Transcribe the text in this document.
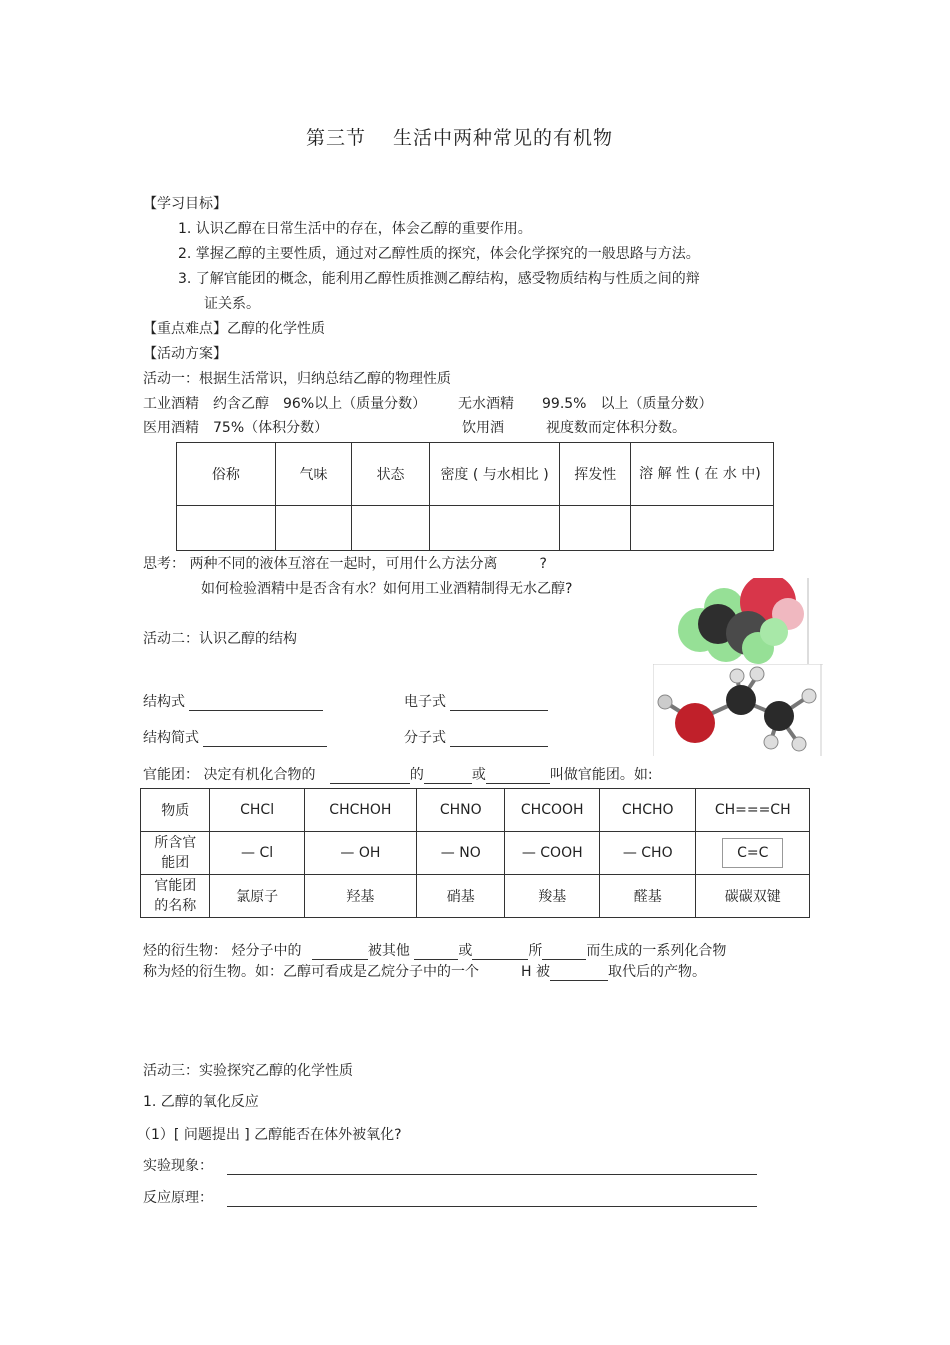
第三节　 生活中两种常见的有机物
【学习目标】
1. 认识乙醇在日常生活中的存在，体会乙醇的重要作用。
2. 掌握乙醇的主要性质，通过对乙醇性质的探究，体会化学探究的一般思路与方法。
3. 了解官能团的概念，能利用乙醇性质推测乙醇结构，感受物质结构与性质之间的辩
证关系。
【重点难点】乙醇的化学性质
【活动方案】
活动一：根据生活常识，归纳总结乙醇的物理性质
工业酒精　约含乙醇　96%以上（质量分数） 无水酒精　　99.5%　以上（质量分数）
医用酒精　75%（体积分数）	饮用酒　　　视度数而定体积分数。
俗称	气味	状态	密度 ( 与水相比 )	挥发性	溶 解 性 ( 在 水 中)

思考： 两种不同的液体互溶在一起时，可用什么方法分离　　　?
如何检验酒精中是否含有水？如何用工业酒精制得无水乙醇?
活动二：认识乙醇的结构
结构式	电子式
结构简式	分子式
官能团： 决定有机化合物的	的	或	叫做官能团。如:
物质	CHCl	CHCHOH	CHNO	CHCOOH	CHCHO	CH===CH
所含官能团	— Cl	— OH	— NO	— COOH	— CHO	C=C
官能团的名称	氯原子	羟基	硝基	羧基	醛基	碳碳双键
烃的衍生物： 烃分子中的	被其他	或	所	而生成的一系列化合物
称为烃的衍生物。如：乙醇可看成是乙烷分子中的一个　　　H 被	取代后的产物。
活动三：实验探究乙醇的化学性质
1. 乙醇的氧化反应
（1）[ 问题提出 ] 乙醇能否在体外被氧化?
实验现象：
反应原理：
